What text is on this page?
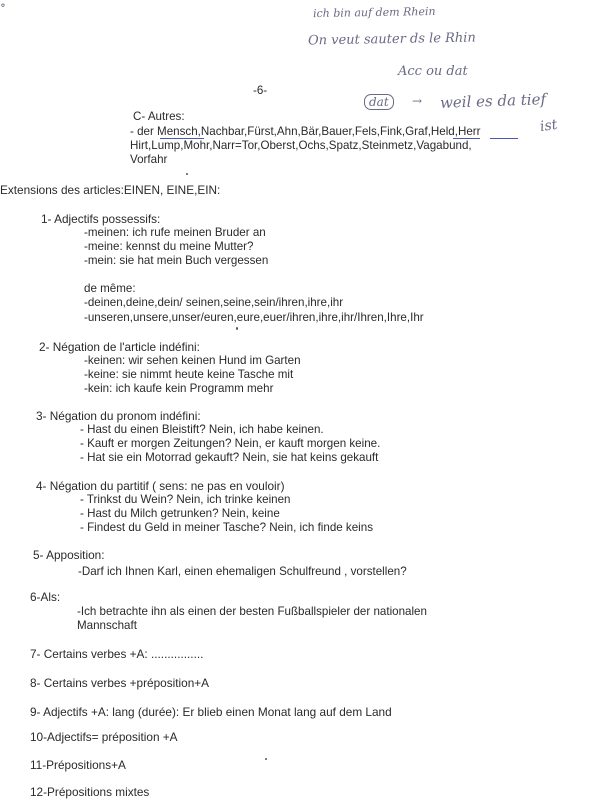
ich bin auf dem Rhein
On veut sauter ds le Rhin
Acc ou dat
dat	→ weil es da tief
ist
∘
-6-
C- Autres:
- der Mensch,Nachbar,Fürst,Ahn,Bär,Bauer,Fels,Fink,Graf,Held,Herr
Hirt,Lump,Mohr,Narr=Tor,Oberst,Ochs,Spatz,Steinmetz,Vagabund,
Vorfahr
Extensions des articles:EINEN, EINE,EIN:
1- Adjectifs possessifs:
-meinen: ich rufe meinen Bruder an
-meine: kennst du meine Mutter?
-mein: sie hat mein Buch vergessen
de même:
-deinen,deine,dein/ seinen,seine,sein/ihren,ihre,ihr
-unseren,unsere,unser/euren,eure,euer/ihren,ihre,ihr/Ihren,Ihre,Ihr
2- Négation de l'article indéfini:
-keinen: wir sehen keinen Hund im Garten
-keine: sie nimmt heute keine Tasche mit
-kein: ich kaufe kein Programm mehr
3- Négation du pronom indéfini:
- Hast du einen Bleistift? Nein, ich habe keinen.
- Kauft er morgen Zeitungen? Nein, er kauft morgen keine.
- Hat sie ein Motorrad gekauft? Nein, sie hat keins gekauft
4- Négation du partitif ( sens: ne pas en vouloir)
- Trinkst du Wein? Nein, ich trinke keinen
- Hast du Milch getrunken? Nein, keine
- Findest du Geld in meiner Tasche? Nein, ich finde keins
5- Apposition:
-Darf ich Ihnen Karl, einen ehemaligen Schulfreund , vorstellen?
6-Als:
-Ich betrachte ihn als einen der besten Fußballspieler der nationalen
Mannschaft
7- Certains verbes +A: ................
8- Certains verbes +préposition+A
9- Adjectifs +A: lang (durée): Er blieb einen Monat lang auf dem Land
10-Adjectifs= préposition +A
11-Prépositions+A
12-Prépositions mixtes
